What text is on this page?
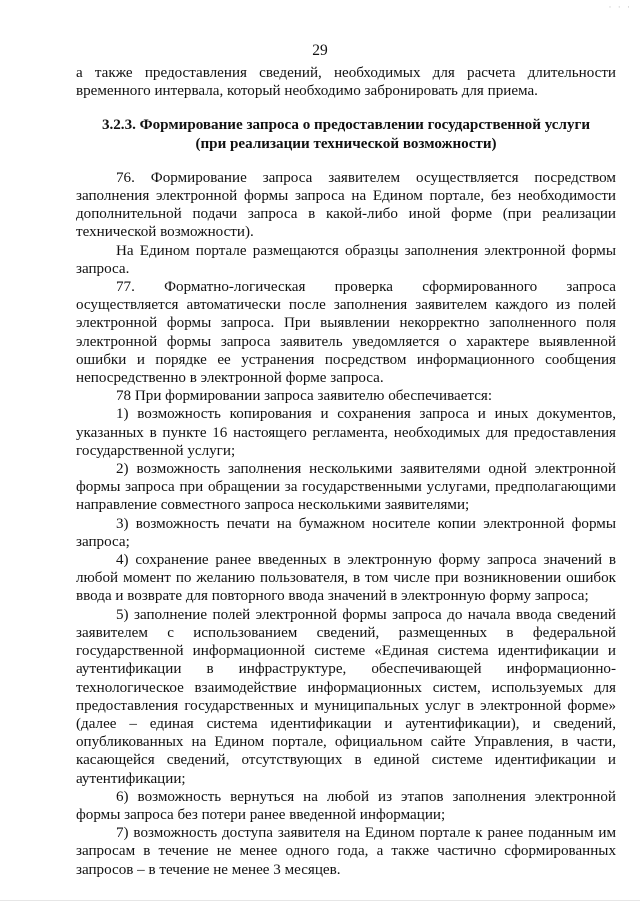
· · ·
29

а также предоставления сведений, необходимых для расчета длительности временного интервала, который необходимо забронировать для приема.

3.2.3. Формирование запроса о предоставлении государственной услуги
(при реализации технической возможности)

76. Формирование запроса заявителем осуществляется посредством заполнения электронной формы запроса на Едином портале, без необходимости дополнительной подачи запроса в какой-либо иной форме (при реализации технической возможности).

На Едином портале размещаются образцы заполнения электронной формы запроса.

77. Форматно-логическая проверка сформированного запроса осуществляется автоматически после заполнения заявителем каждого из полей электронной формы запроса. При выявлении некорректно заполненного поля электронной формы запроса заявитель уведомляется о характере выявленной ошибки и порядке ее устранения посредством информационного сообщения непосредственно в электронной форме запроса.

78 При формировании запроса заявителю обеспечивается:

1) возможность копирования и сохранения запроса и иных документов, указанных в пункте 16 настоящего регламента, необходимых для предоставления государственной услуги;

2) возможность заполнения несколькими заявителями одной электронной формы запроса при обращении за государственными услугами, предполагающими направление совместного запроса несколькими заявителями;

3) возможность печати на бумажном носителе копии электронной формы запроса;

4) сохранение ранее введенных в электронную форму запроса значений в любой момент по желанию пользователя, в том числе при возникновении ошибок ввода и возврате для повторного ввода значений в электронную форму запроса;

5) заполнение полей электронной формы запроса до начала ввода сведений заявителем с использованием сведений, размещенных в федеральной государственной информационной системе «Единая система идентификации и аутентификации в инфраструктуре, обеспечивающей информационно-технологическое взаимодействие информационных систем, используемых для предоставления государственных и муниципальных услуг в электронной форме» (далее – единая система идентификации и аутентификации), и сведений, опубликованных на Едином портале, официальном сайте Управления, в части, касающейся сведений, отсутствующих в единой системе идентификации и аутентификации;

6) возможность вернуться на любой из этапов заполнения электронной формы запроса без потери ранее введенной информации;

7) возможность доступа заявителя на Едином портале к ранее поданным им запросам в течение не менее одного года, а также частично сформированных запросов – в течение не менее 3 месяцев.
